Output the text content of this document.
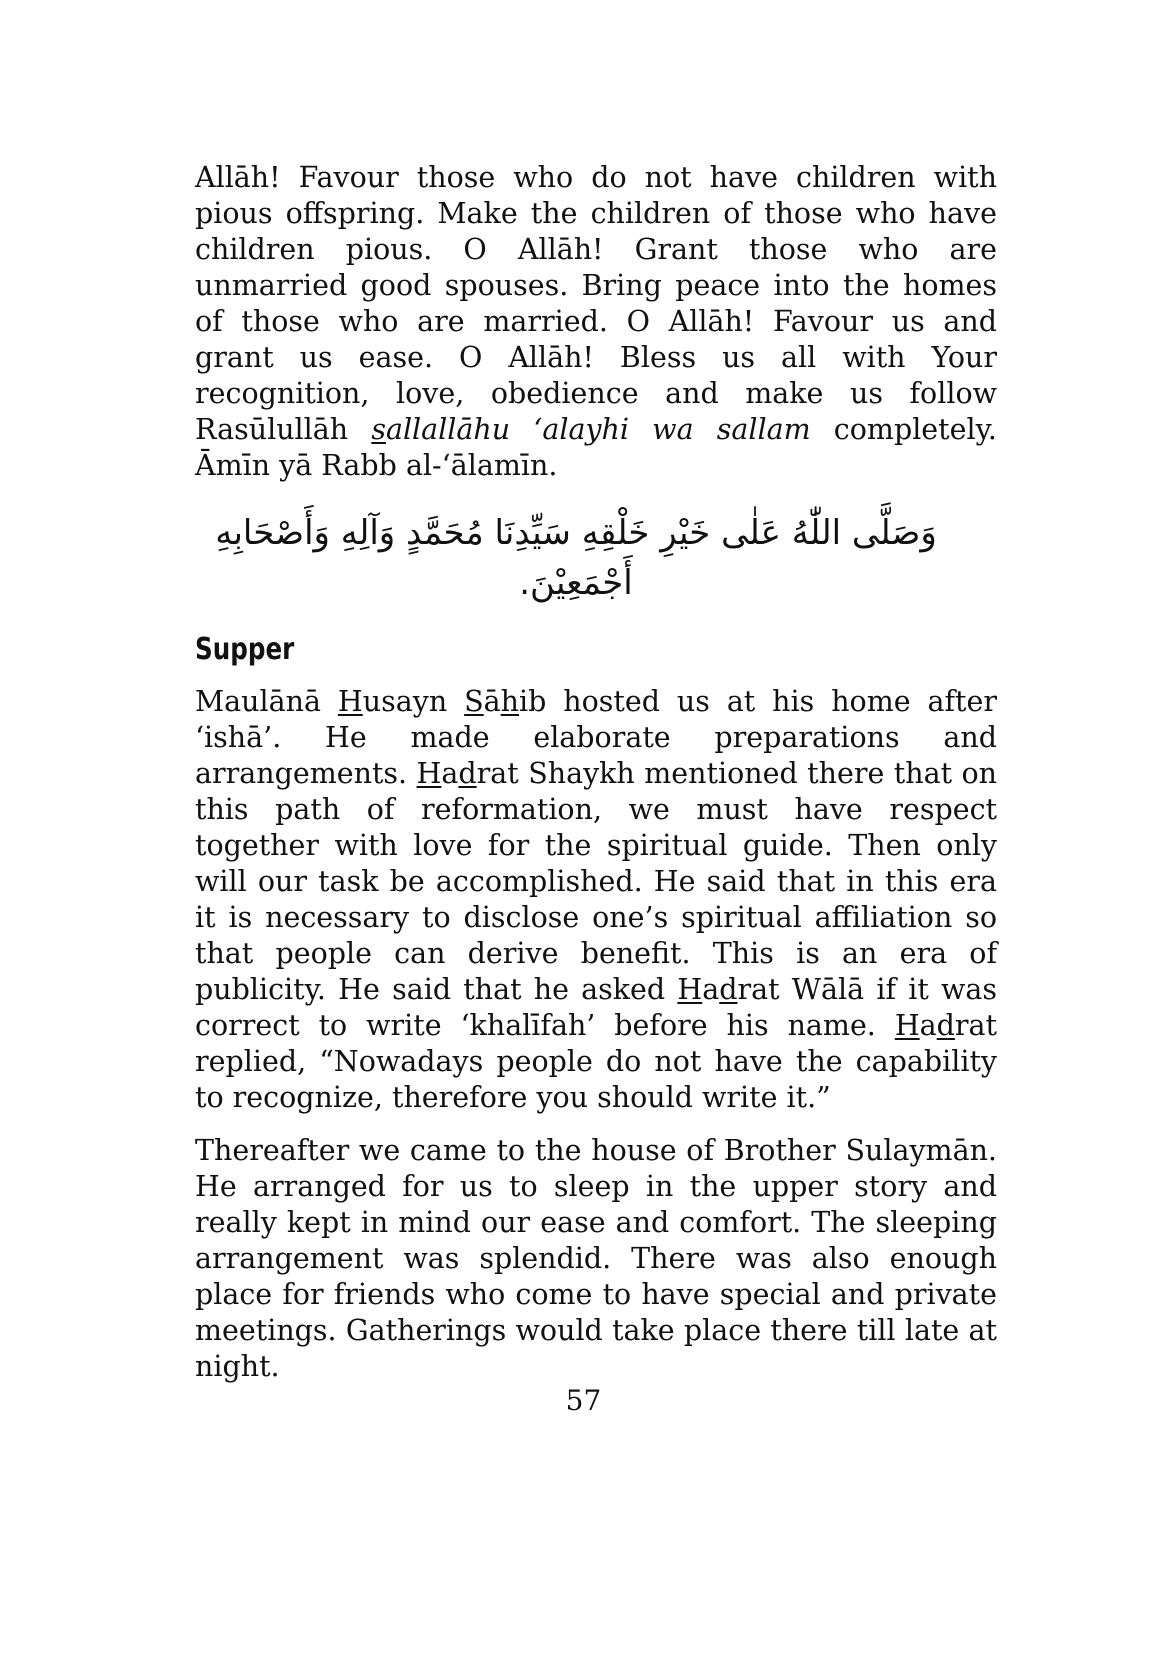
Allāh! Favour those who do not have children with pious offspring. Make the children of those who have children pious. O Allāh! Grant those who are unmarried good spouses. Bring peace into the homes of those who are married. O Allāh! Favour us and grant us ease. O Allāh! Bless us all with Your recognition, love, obedience and make us follow Rasūlullāh sallallāhu ‘alayhi wa sallam completely. Āmīn yā Rabb al-‘ālamīn.

وَصَلَّى اللّٰهُ عَلٰى خَيْرِ خَلْقِهِ سَيِّدِنَا مُحَمَّدٍ وَآلِهِ وَأَصْحَابِهِ أَجْمَعِيْنَ.

Supper

Maulānā Husayn Sāhib hosted us at his home after ‘ishā’. He made elaborate preparations and arrangements. Hadrat Shaykh mentioned there that on this path of reformation, we must have respect together with love for the spiritual guide. Then only will our task be accomplished. He said that in this era it is necessary to disclose one’s spiritual affiliation so that people can derive benefit. This is an era of publicity. He said that he asked Hadrat Wālā if it was correct to write ‘khalīfah’ before his name. Hadrat replied, “Nowadays people do not have the capability to recognize, therefore you should write it.”

Thereafter we came to the house of Brother Sulaymān. He arranged for us to sleep in the upper story and really kept in mind our ease and comfort. The sleeping arrangement was splendid. There was also enough place for friends who come to have special and private meetings. Gatherings would take place there till late at night.

57
